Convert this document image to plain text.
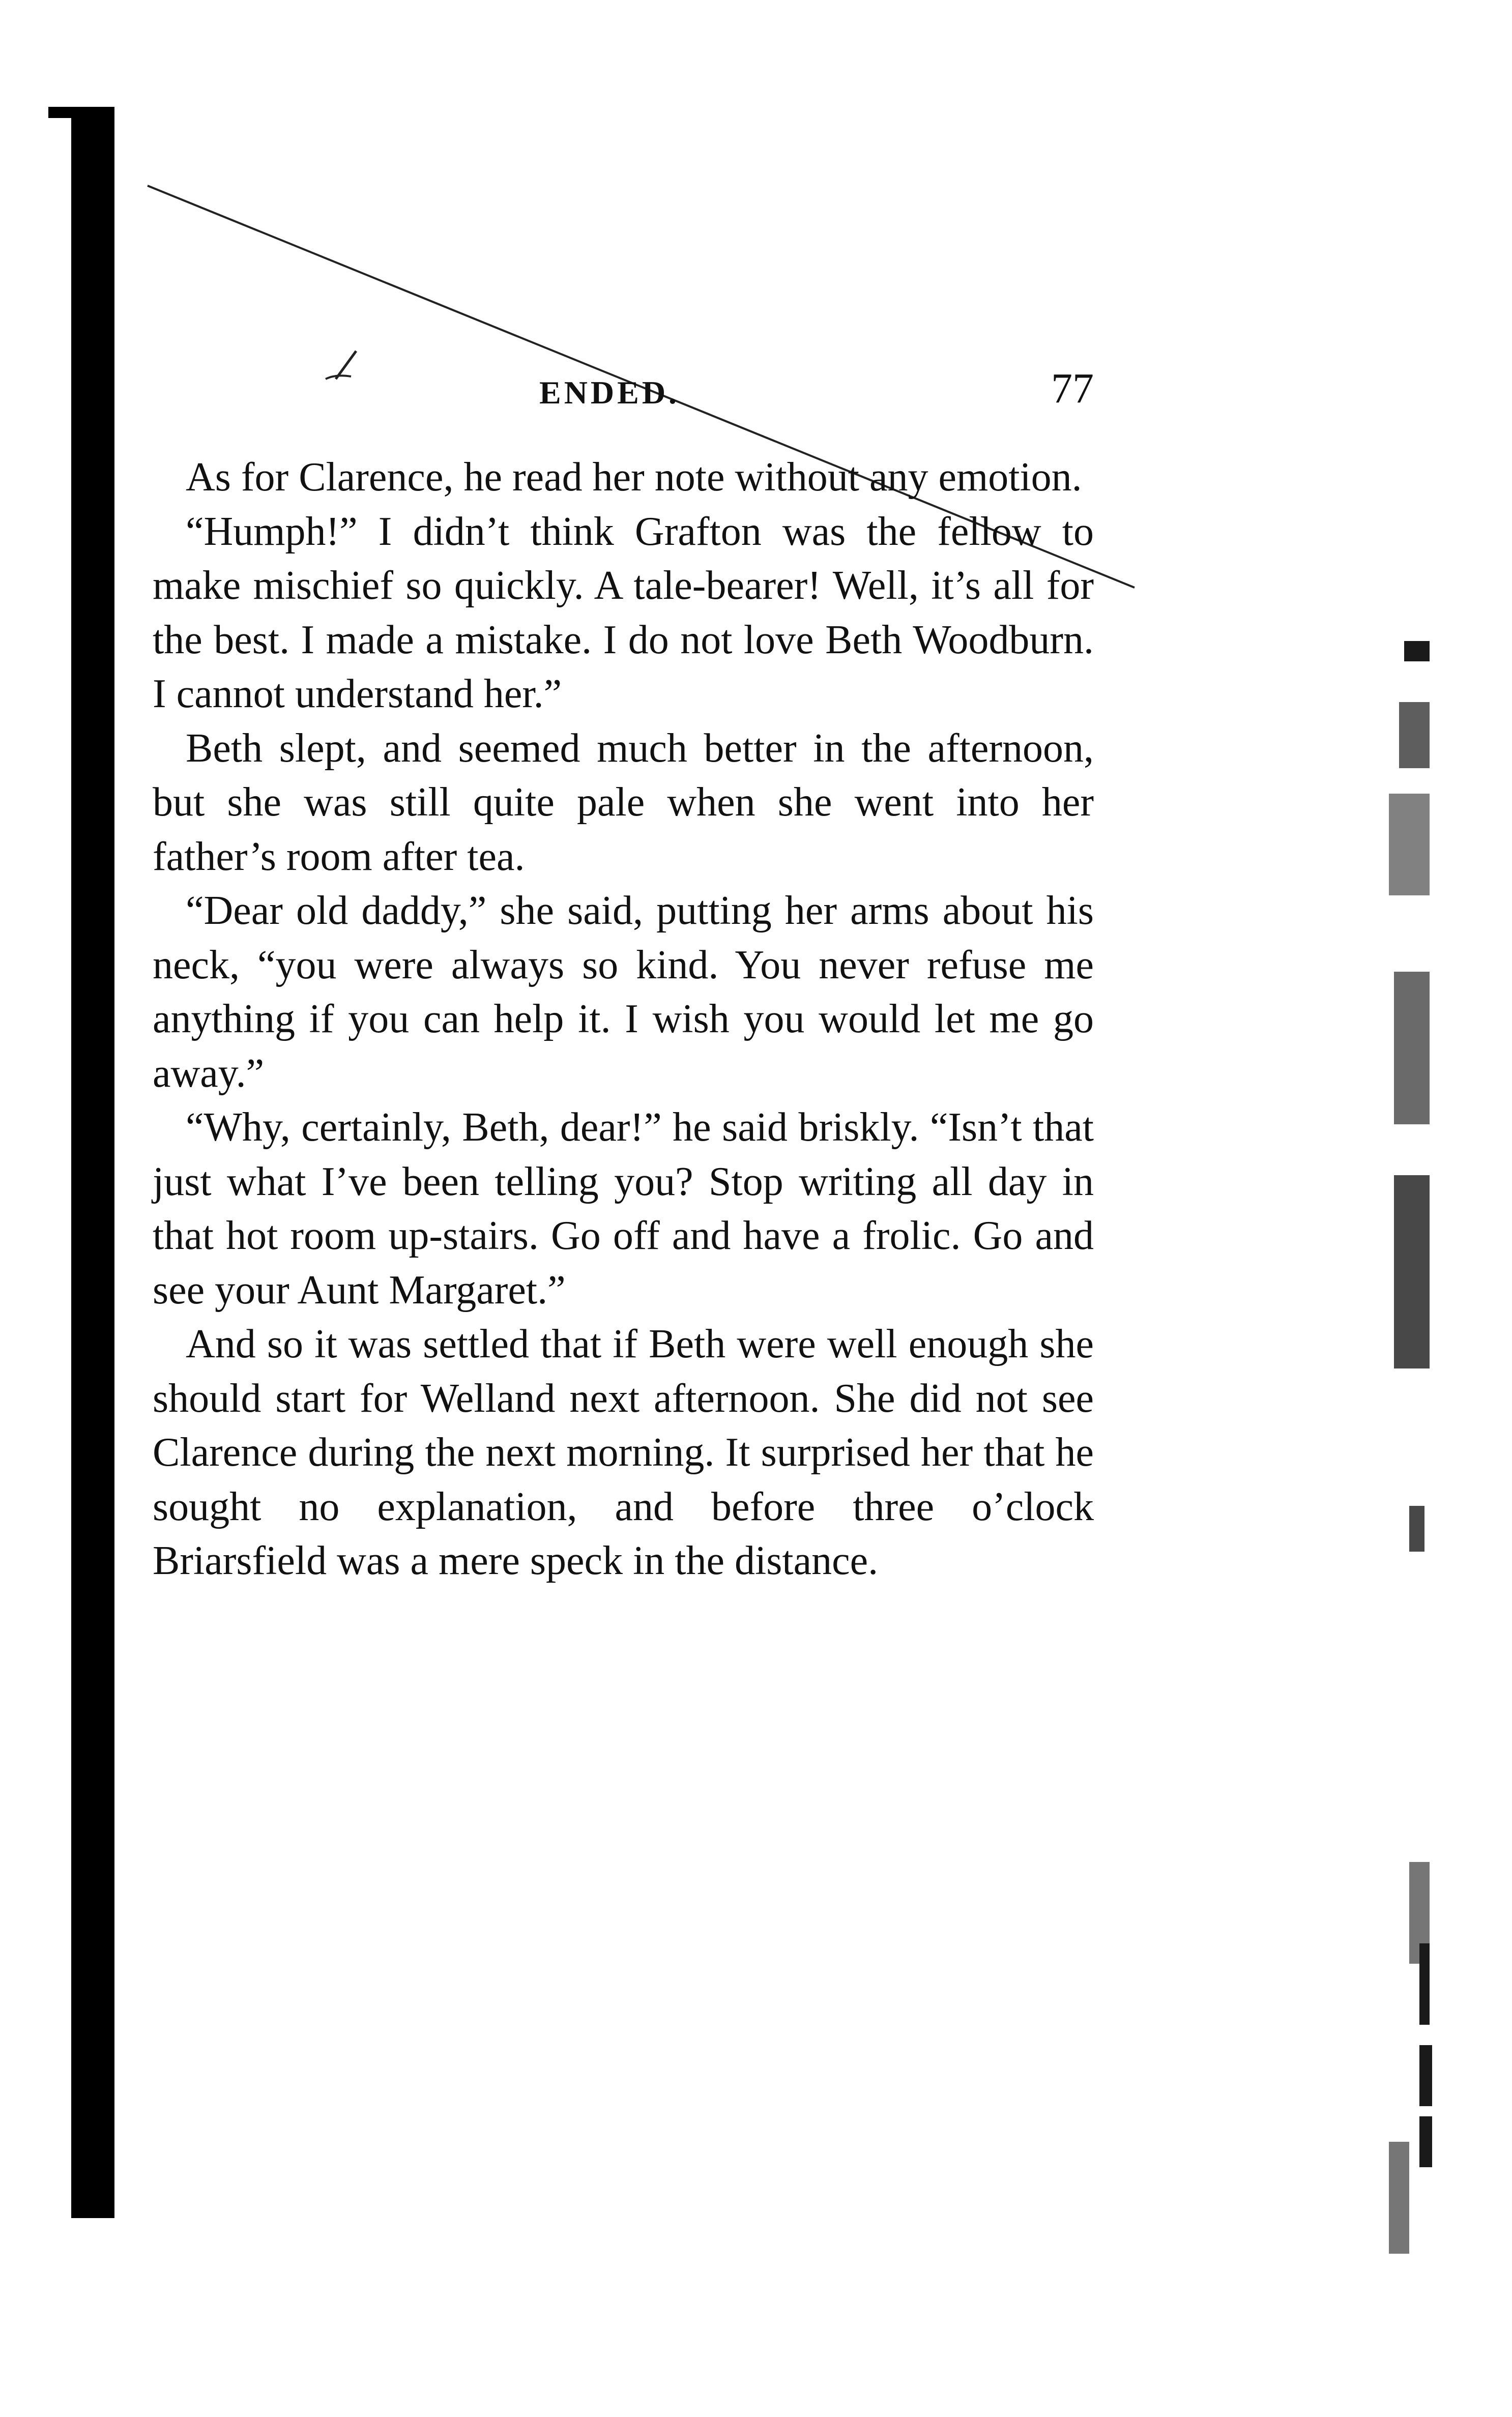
ENDED.	77

As for Clarence, he read her note without any emotion.

“Humph!” I didn’t think Grafton was the fellow to make mischief so quickly. A tale-bearer! Well, it’s all for the best. I made a mistake. I do not love Beth Woodburn. I cannot understand her.”

Beth slept, and seemed much better in the afternoon, but she was still quite pale when she went into her father’s room after tea.

“Dear old daddy,” she said, putting her arms about his neck, “you were always so kind. You never refuse me anything if you can help it. I wish you would let me go away.”

“Why, certainly, Beth, dear!” he said briskly. “Isn’t that just what I’ve been telling you? Stop writing all day in that hot room up-stairs. Go off and have a frolic. Go and see your Aunt Margaret.”

And so it was settled that if Beth were well enough she should start for Welland next afternoon. She did not see Clarence during the next morning. It surprised her that he sought no explanation, and before three o’clock Briarsfield was a mere speck in the distance.
